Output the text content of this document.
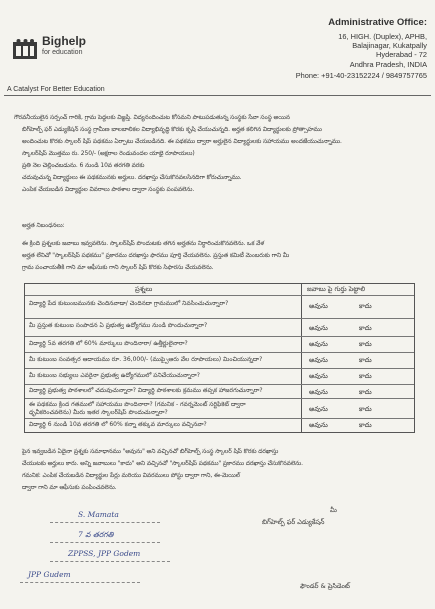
Bighelp
for education
Administrative Office:
16, HIGH. (Duplex), APHB,
Balajinagar, Kukatpally
Hyderabad - 72
Andhra Pradesh, INDIA
Phone: +91-40-23152224 / 9849757765
A Catalyst For Better Education
గౌరవనీయులైన సర్పంచ్ గారికి, గ్రామ పెద్దలకు విజ్ఞప్తి. విద్యనందించుట కోసమని పాటుపడుతున్న సంస్థకు సేవా సంస్థ అయిన
బిగ్‌హెల్ప్ ఫర్ ఎడ్యుకేషన్ సంస్థ గ్రామీణ బాలబాలికల విద్యాభివృద్ధి కొరకు కృషి చేయుచున్నది. అర్హత కలిగిన విద్యార్థులకు ప్రోత్సాహము
అందించుట కొరకు స్కాలర్ షిప్ పథకము ఏర్పాటు చేయబడినది. ఈ పథకము ద్వారా అర్హులైన విద్యార్థులకు సహాయము అందజేయుచున్నాము.
స్కాలర్‌షిప్ మొత్తము రు. 250/- (అక్షరాల రెండువందల యాభై రూపాయలు)
ప్రతి నెల చెల్లించబడును. 6 నుండి 10వ తరగతి వరకు
చదువుచున్న విద్యార్థులు ఈ పథకమునకు అర్హులు. దరఖాస్తు చేసుకొనవలసినదిగా కోరుచున్నాము.
ఎంపిక చేయబడిన విద్యార్థుల వివరాలు పాఠశాల ద్వారా సంస్థకు పంపవలెను.
అర్హత నిబంధనలు:
ఈ క్రింది ప్రశ్నలకు జవాబు ఇవ్వవలెను. స్కాలర్‌షిప్ పొందుటకు తగిన అర్హతను నిర్ధారించుకొనవలెను. ఒక వేళ
అర్హత లేనిచో "స్కాలర్‌షిప్ పథకము" ప్రకారము దరఖాస్తు ఫారము పూర్తి చేయవలెను. ప్రస్తుత కమిటీ మెంబరుకు గాని మీ
గ్రామ పంచాయతీకి గాని మా ఆఫీసుకు గాని స్కాలర్ షిప్ కొరకు సిఫారసు చేయవలెను.
ప్రశ్నలు	జవాబు పై గుర్తు పెట్టాలి
విద్యార్థి పేద కుటుంబమునకు చెందినవాడా/ చెందినదా గ్రామములో నివసించుచున్నారా?	అవును	కాదు
మీ ప్రస్తుత కుటుంబ సంపాదన ఏ ప్రభుత్వ ఉద్యోగము నుండి పొందుచున్నారా?	అవును	కాదు
విద్యార్థి 5వ తరగతి లో 60% మార్కులు పొందినారా/ ఉత్తీర్ణులైనారా?	అవును	కాదు
మీ కుటుంబ సంవత్సర ఆదాయము రూ. 36,000/- (ముప్పైఆరు వేల రూపాయలు) మించియున్నదా?	అవును	కాదు
మీ కుటుంబ సభ్యులు ఎవరైనా ప్రభుత్వ ఉద్యోగములో పనిచేయుచున్నారా?	అవును	కాదు
విద్యార్థి ప్రభుత్వ పాఠశాలలో చదువుచున్నారా? విద్యార్థి పాఠశాలకు క్రమము తప్పక హాజరగుచున్నారా?	అవును	కాదు
ఈ పథకము క్రింద గతములో సహాయము పొందినారా? (గమనిక - గవర్నమెంట్ సర్టిఫికెట్ ద్వారా
ధృవీకరించవలెను) మీరు ఇతర స్కాలర్‌షిప్ పొందుచున్నారా?	అవును	కాదు
విద్యార్థి 6 నుండి 10వ తరగతి లో 60% కన్నా తక్కువ మార్కులు వచ్చినవా?	అవును	కాదు
పైన ఇవ్వబడిన ఏదైనా ప్రశ్నకు సమాధానము "అవును" అని వచ్చినచో బిగ్‌హెల్ప్ సంస్థ స్కాలర్ షిప్ కొరకు దరఖాస్తు
చేయుటకు అర్హులు కారు. అన్ని జవాబులు "కాదు" అని వచ్చినచో "స్కాలర్‌షిప్ పథకము" ప్రకారము దరఖాస్తు చేసుకొనవలెను.
గమనిక: ఎంపిక చేయబడిన విద్యార్థుల పేర్లు మరియు వివరములు పోస్టు ద్వారా గాని, ఈ-మెయిల్
ద్వారా గాని మా ఆఫీసుకు పంపించవలెను.
మీ
బిగ్‌హెల్ప్ ఫర్ ఎడ్యుకేషన్
ఫౌండర్ & ప్రెసిడెంట్
S. Mamata
7 వ తరగతి
ZPPSS, JPP Godem
JPP Gudem
